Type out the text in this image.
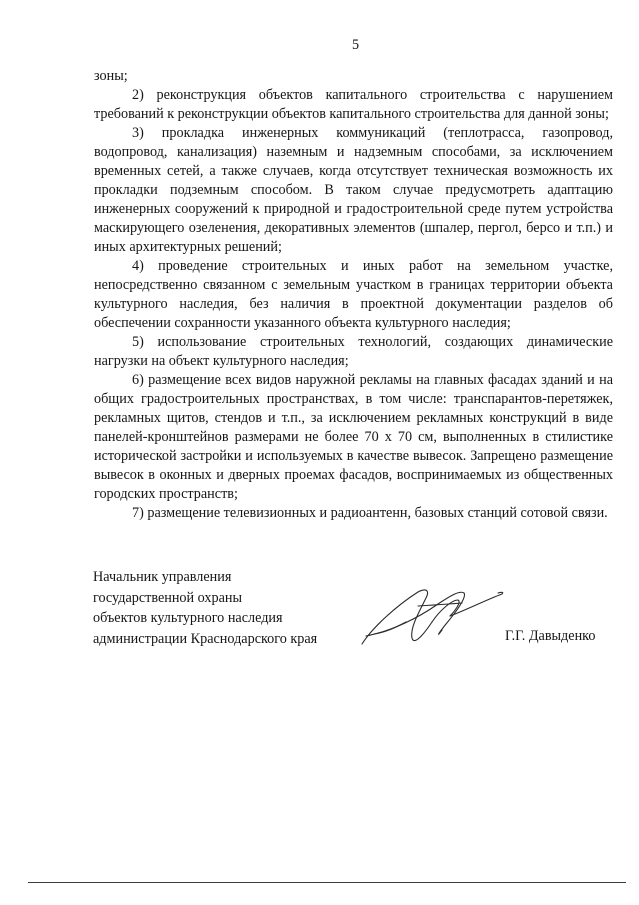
5

зоны;

2) реконструкция объектов капитального строительства с нарушением требований к реконструкции объектов капитального строительства для данной зоны;

3) прокладка инженерных коммуникаций (теплотрасса, газопровод, водопровод, канализация) наземным и надземным способами, за исключением временных сетей, а также случаев, когда отсутствует техническая возможность их прокладки подземным способом. В таком случае предусмотреть адаптацию инженерных сооружений к природной и градостроительной среде путем устройства маскирующего озеленения, декоративных элементов (шпалер, пергол, берсо и т.п.) и иных архитектурных решений;

4) проведение строительных и иных работ на земельном участке, непосредственно связанном с земельным участком в границах территории объекта культурного наследия, без наличия в проектной документации разделов об обеспечении сохранности указанного объекта культурного наследия;

5) использование строительных технологий, создающих динамические нагрузки на объект культурного наследия;

6) размещение всех видов наружной рекламы на главных фасадах зданий и на общих градостроительных пространствах, в том числе: транспарантов-перетяжек, рекламных щитов, стендов и т.п., за исключением рекламных конструкций в виде панелей-кронштейнов размерами не более 70 х 70 см, выполненных в стилистике исторической застройки и используемых в качестве вывесок. Запрещено размещение вывесок в оконных и дверных проемах фасадов, воспринимаемых из общественных городских пространств;

7) размещение телевизионных и радиоантенн, базовых станций сотовой связи.

Начальник управления
государственной охраны
объектов культурного наследия
администрации Краснодарского края	Г.Г. Давыденко
